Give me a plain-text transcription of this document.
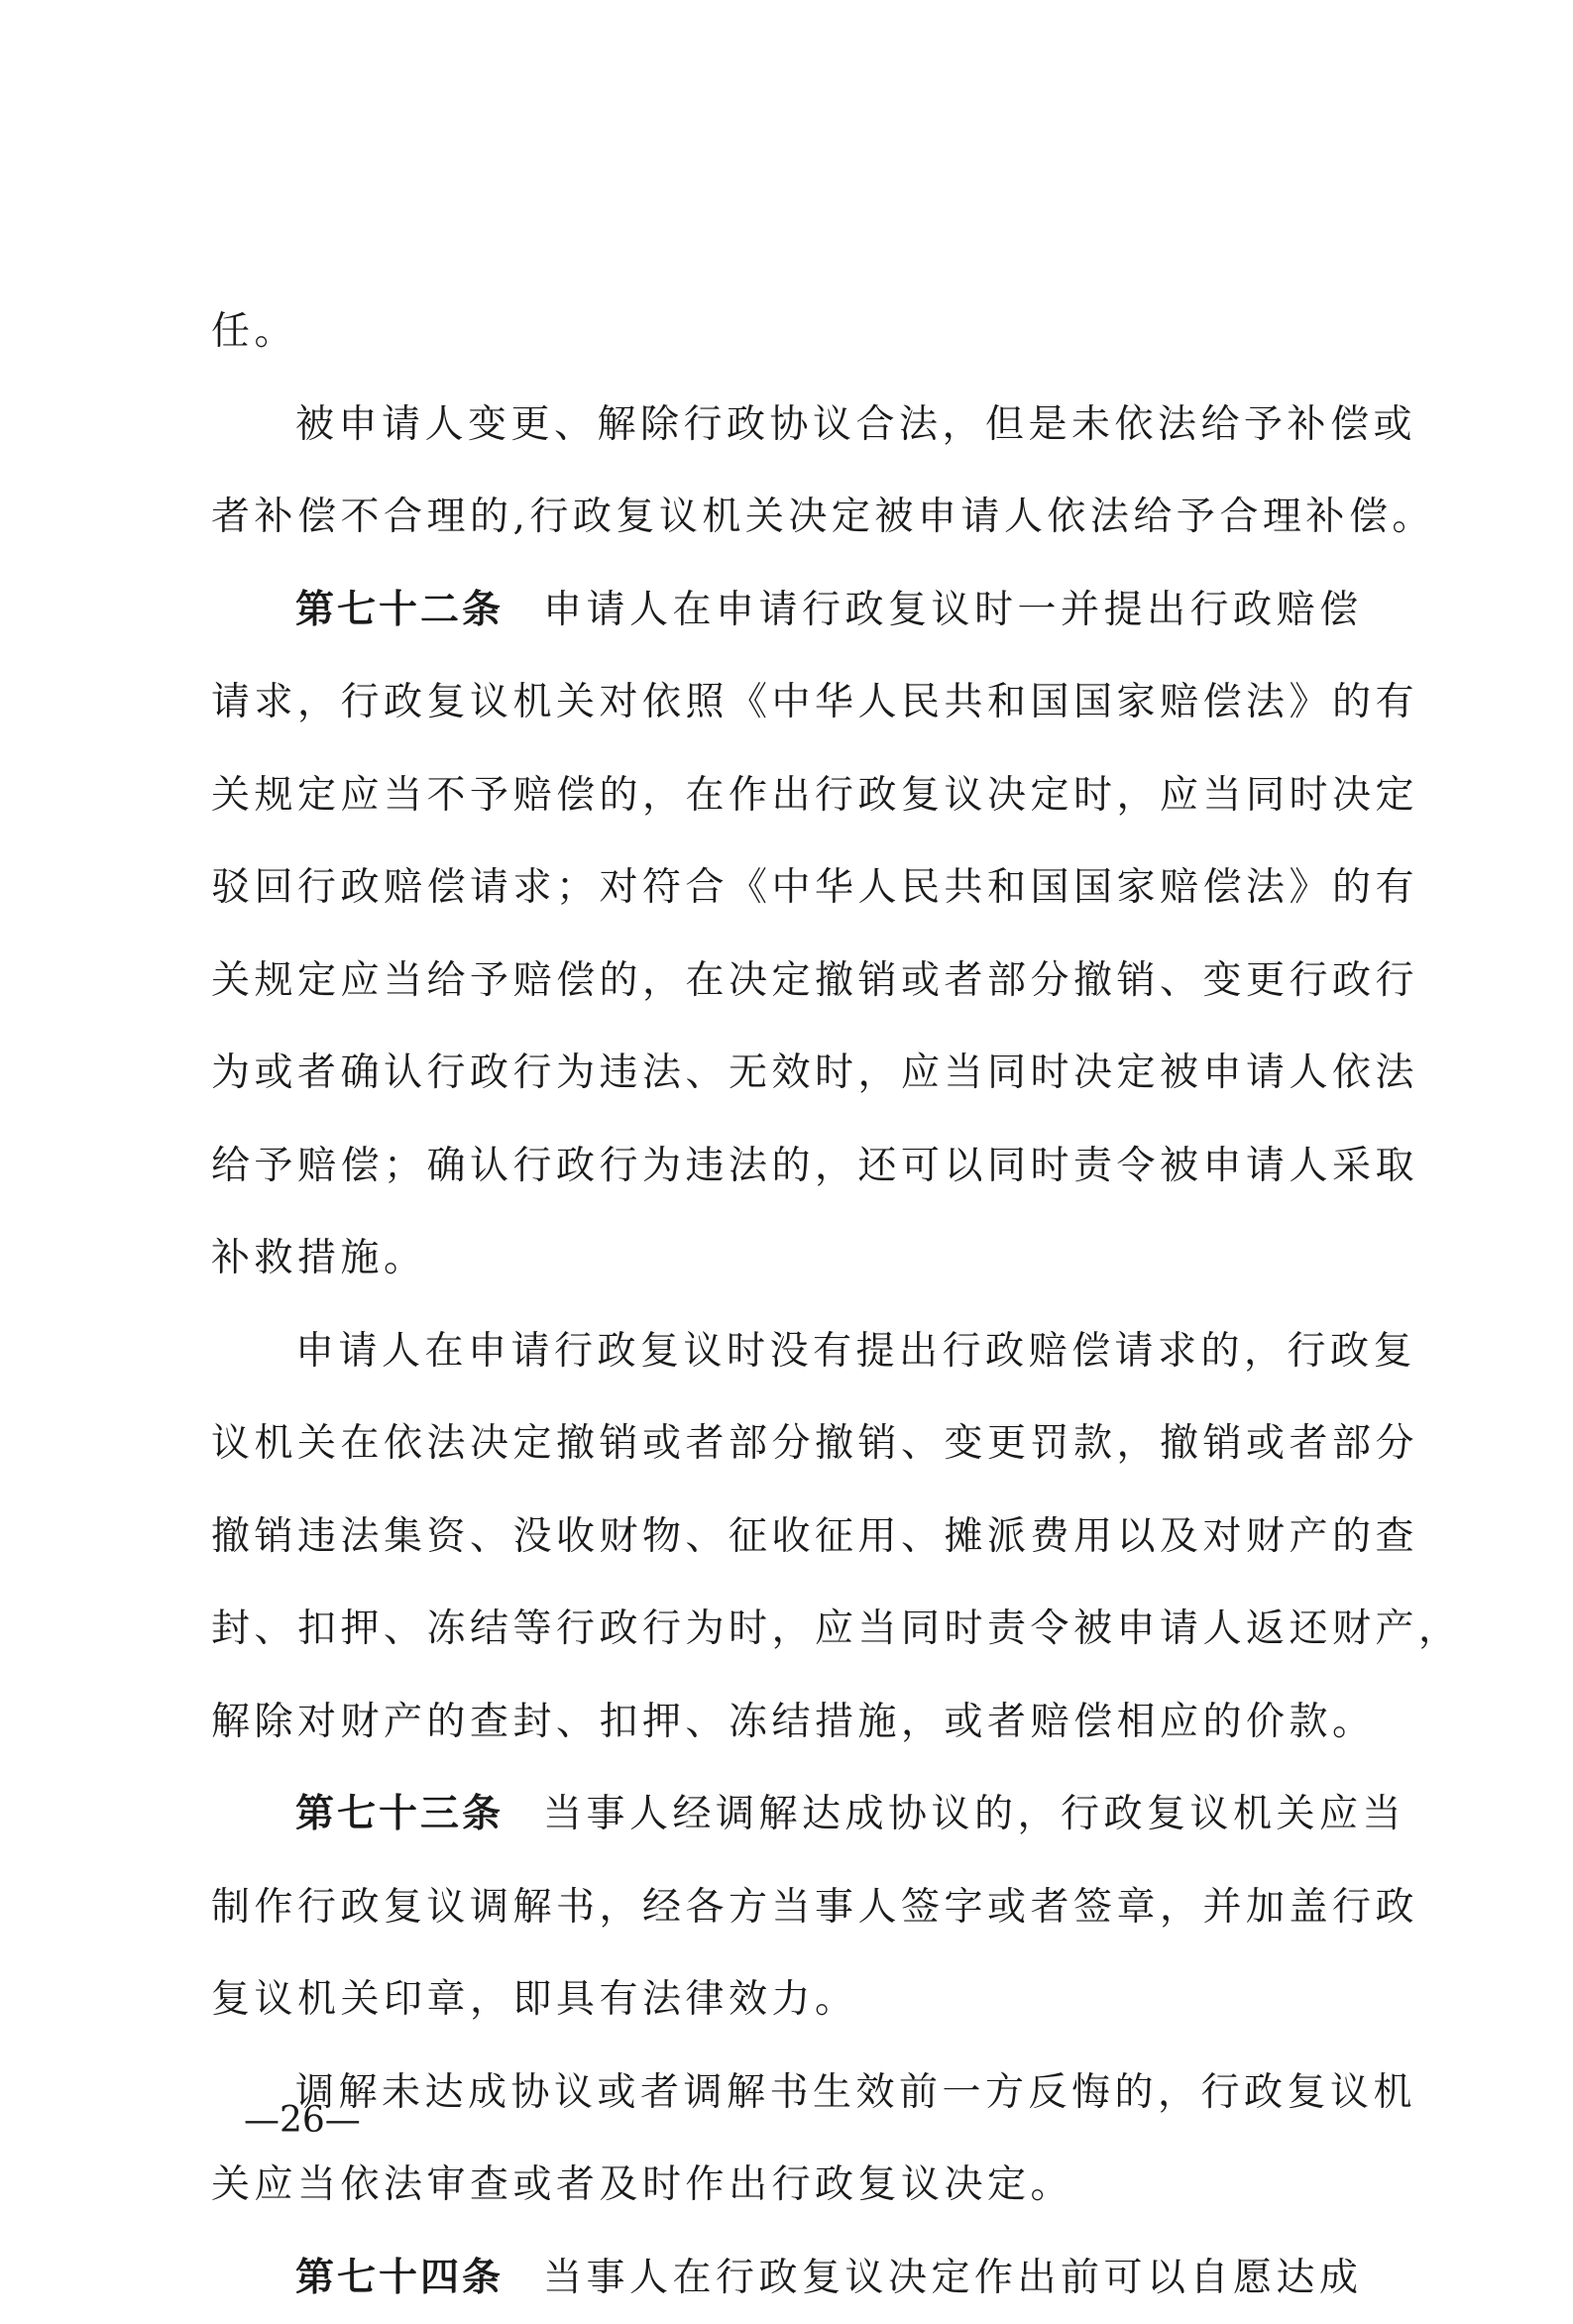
任。
被申请人变更、解除行政协议合法，但是未依法给予补偿或
者补偿不合理的,行政复议机关决定被申请人依法给予合理补偿。
第七十二条 申请人在申请行政复议时一并提出行政赔偿
请求，行政复议机关对依照《中华人民共和国国家赔偿法》的有
关规定应当不予赔偿的，在作出行政复议决定时，应当同时决定
驳回行政赔偿请求；对符合《中华人民共和国国家赔偿法》的有
关规定应当给予赔偿的，在决定撤销或者部分撤销、变更行政行
为或者确认行政行为违法、无效时，应当同时决定被申请人依法
给予赔偿；确认行政行为违法的，还可以同时责令被申请人采取
补救措施。
申请人在申请行政复议时没有提出行政赔偿请求的，行政复
议机关在依法决定撤销或者部分撤销、变更罚款，撤销或者部分
撤销违法集资、没收财物、征收征用、摊派费用以及对财产的查
封、扣押、冻结等行政行为时，应当同时责令被申请人返还财产，
解除对财产的查封、扣押、冻结措施，或者赔偿相应的价款。
第七十三条 当事人经调解达成协议的，行政复议机关应当
制作行政复议调解书，经各方当事人签字或者签章，并加盖行政
复议机关印章，即具有法律效力。
调解未达成协议或者调解书生效前一方反悔的，行政复议机
关应当依法审查或者及时作出行政复议决定。
第七十四条 当事人在行政复议决定作出前可以自愿达成
—26—
